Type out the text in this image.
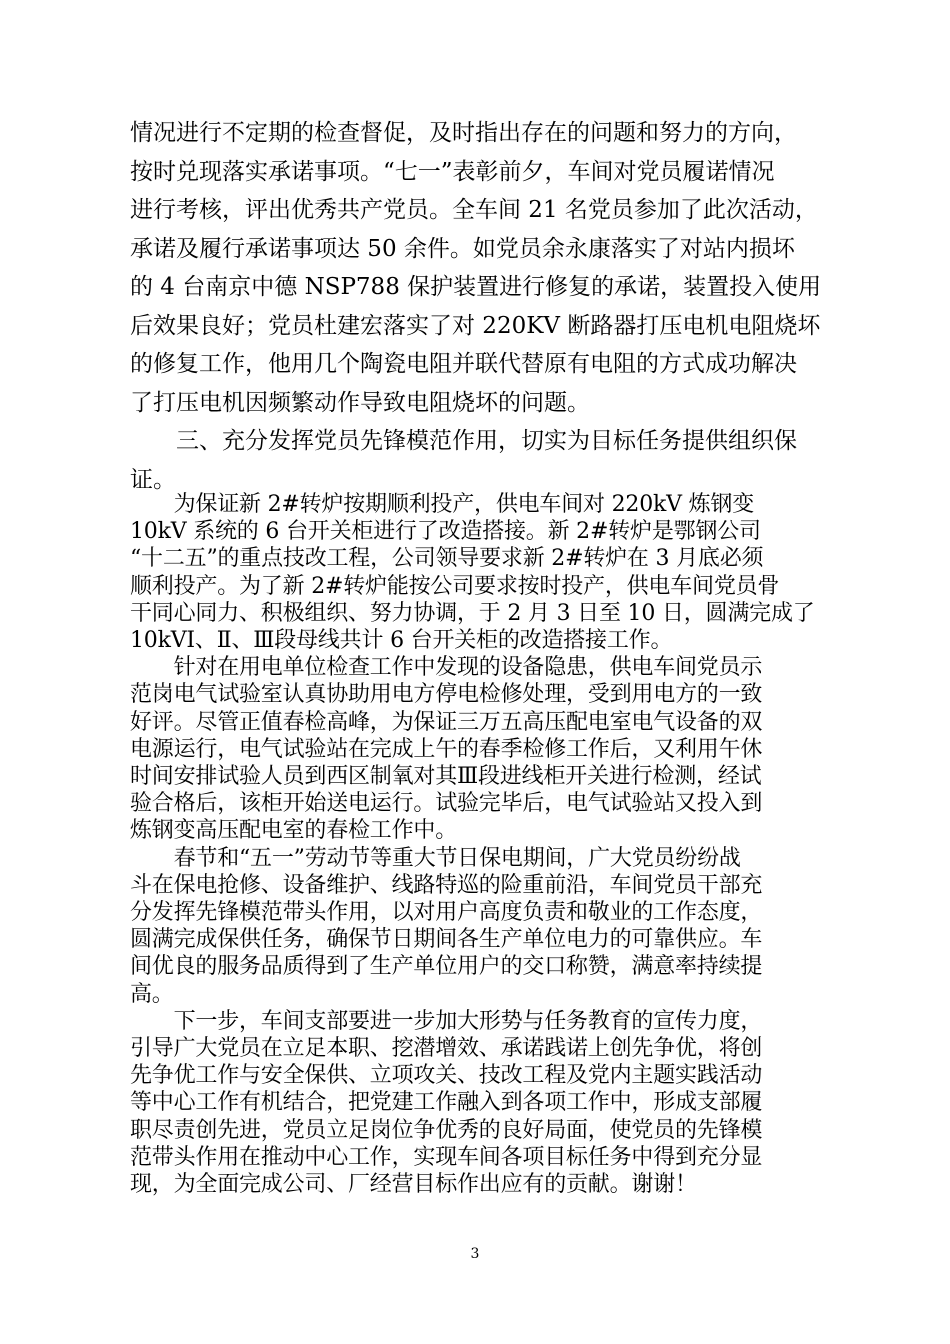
情况进行不定期的检查督促，及时指出存在的问题和努力的方向，
按时兑现落实承诺事项。“七一”表彰前夕，车间对党员履诺情况
进行考核，评出优秀共产党员。全车间 21 名党员参加了此次活动，
承诺及履行承诺事项达 50 余件。如党员余永康落实了对站内损坏
的 4 台南京中德 NSP788 保护装置进行修复的承诺，装置投入使用
后效果良好；党员杜建宏落实了对 220KV 断路器打压电机电阻烧坏
的修复工作，他用几个陶瓷电阻并联代替原有电阻的方式成功解决
了打压电机因频繁动作导致电阻烧坏的问题。
三、充分发挥党员先锋模范作用，切实为目标任务提供组织保
证。
　　为保证新 2#转炉按期顺利投产，供电车间对 220kV 炼钢变
10kV 系统的 6 台开关柜进行了改造搭接。新 2#转炉是鄂钢公司
“十二五”的重点技改工程，公司领导要求新 2#转炉在 3 月底必须
顺利投产。为了新 2#转炉能按公司要求按时投产，供电车间党员骨
干同心同力、积极组织、努力协调，于 2 月 3 日至 10 日，圆满完成了
10kVⅠ、Ⅱ、Ⅲ段母线共计 6 台开关柜的改造搭接工作。
　　针对在用电单位检查工作中发现的设备隐患，供电车间党员示
范岗电气试验室认真协助用电方停电检修处理，受到用电方的一致
好评。尽管正值春检高峰，为保证三万五高压配电室电气设备的双
电源运行，电气试验站在完成上午的春季检修工作后，又利用午休
时间安排试验人员到西区制氧对其Ⅲ段进线柜开关进行检测，经试
验合格后，该柜开始送电运行。试验完毕后，电气试验站又投入到
炼钢变高压配电室的春检工作中。
　　春节和“五一”劳动节等重大节日保电期间，广大党员纷纷战
斗在保电抢修、设备维护、线路特巡的险重前沿，车间党员干部充
分发挥先锋模范带头作用，以对用户高度负责和敬业的工作态度，
圆满完成保供任务，确保节日期间各生产单位电力的可靠供应。车
间优良的服务品质得到了生产单位用户的交口称赞，满意率持续提
高。
　　下一步，车间支部要进一步加大形势与任务教育的宣传力度，
引导广大党员在立足本职、挖潜增效、承诺践诺上创先争优，将创
先争优工作与安全保供、立项攻关、技改工程及党内主题实践活动
等中心工作有机结合，把党建工作融入到各项工作中，形成支部履
职尽责创先进，党员立足岗位争优秀的良好局面，使党员的先锋模
范带头作用在推动中心工作，实现车间各项目标任务中得到充分显
现，为全面完成公司、厂经营目标作出应有的贡献。谢谢！
3
